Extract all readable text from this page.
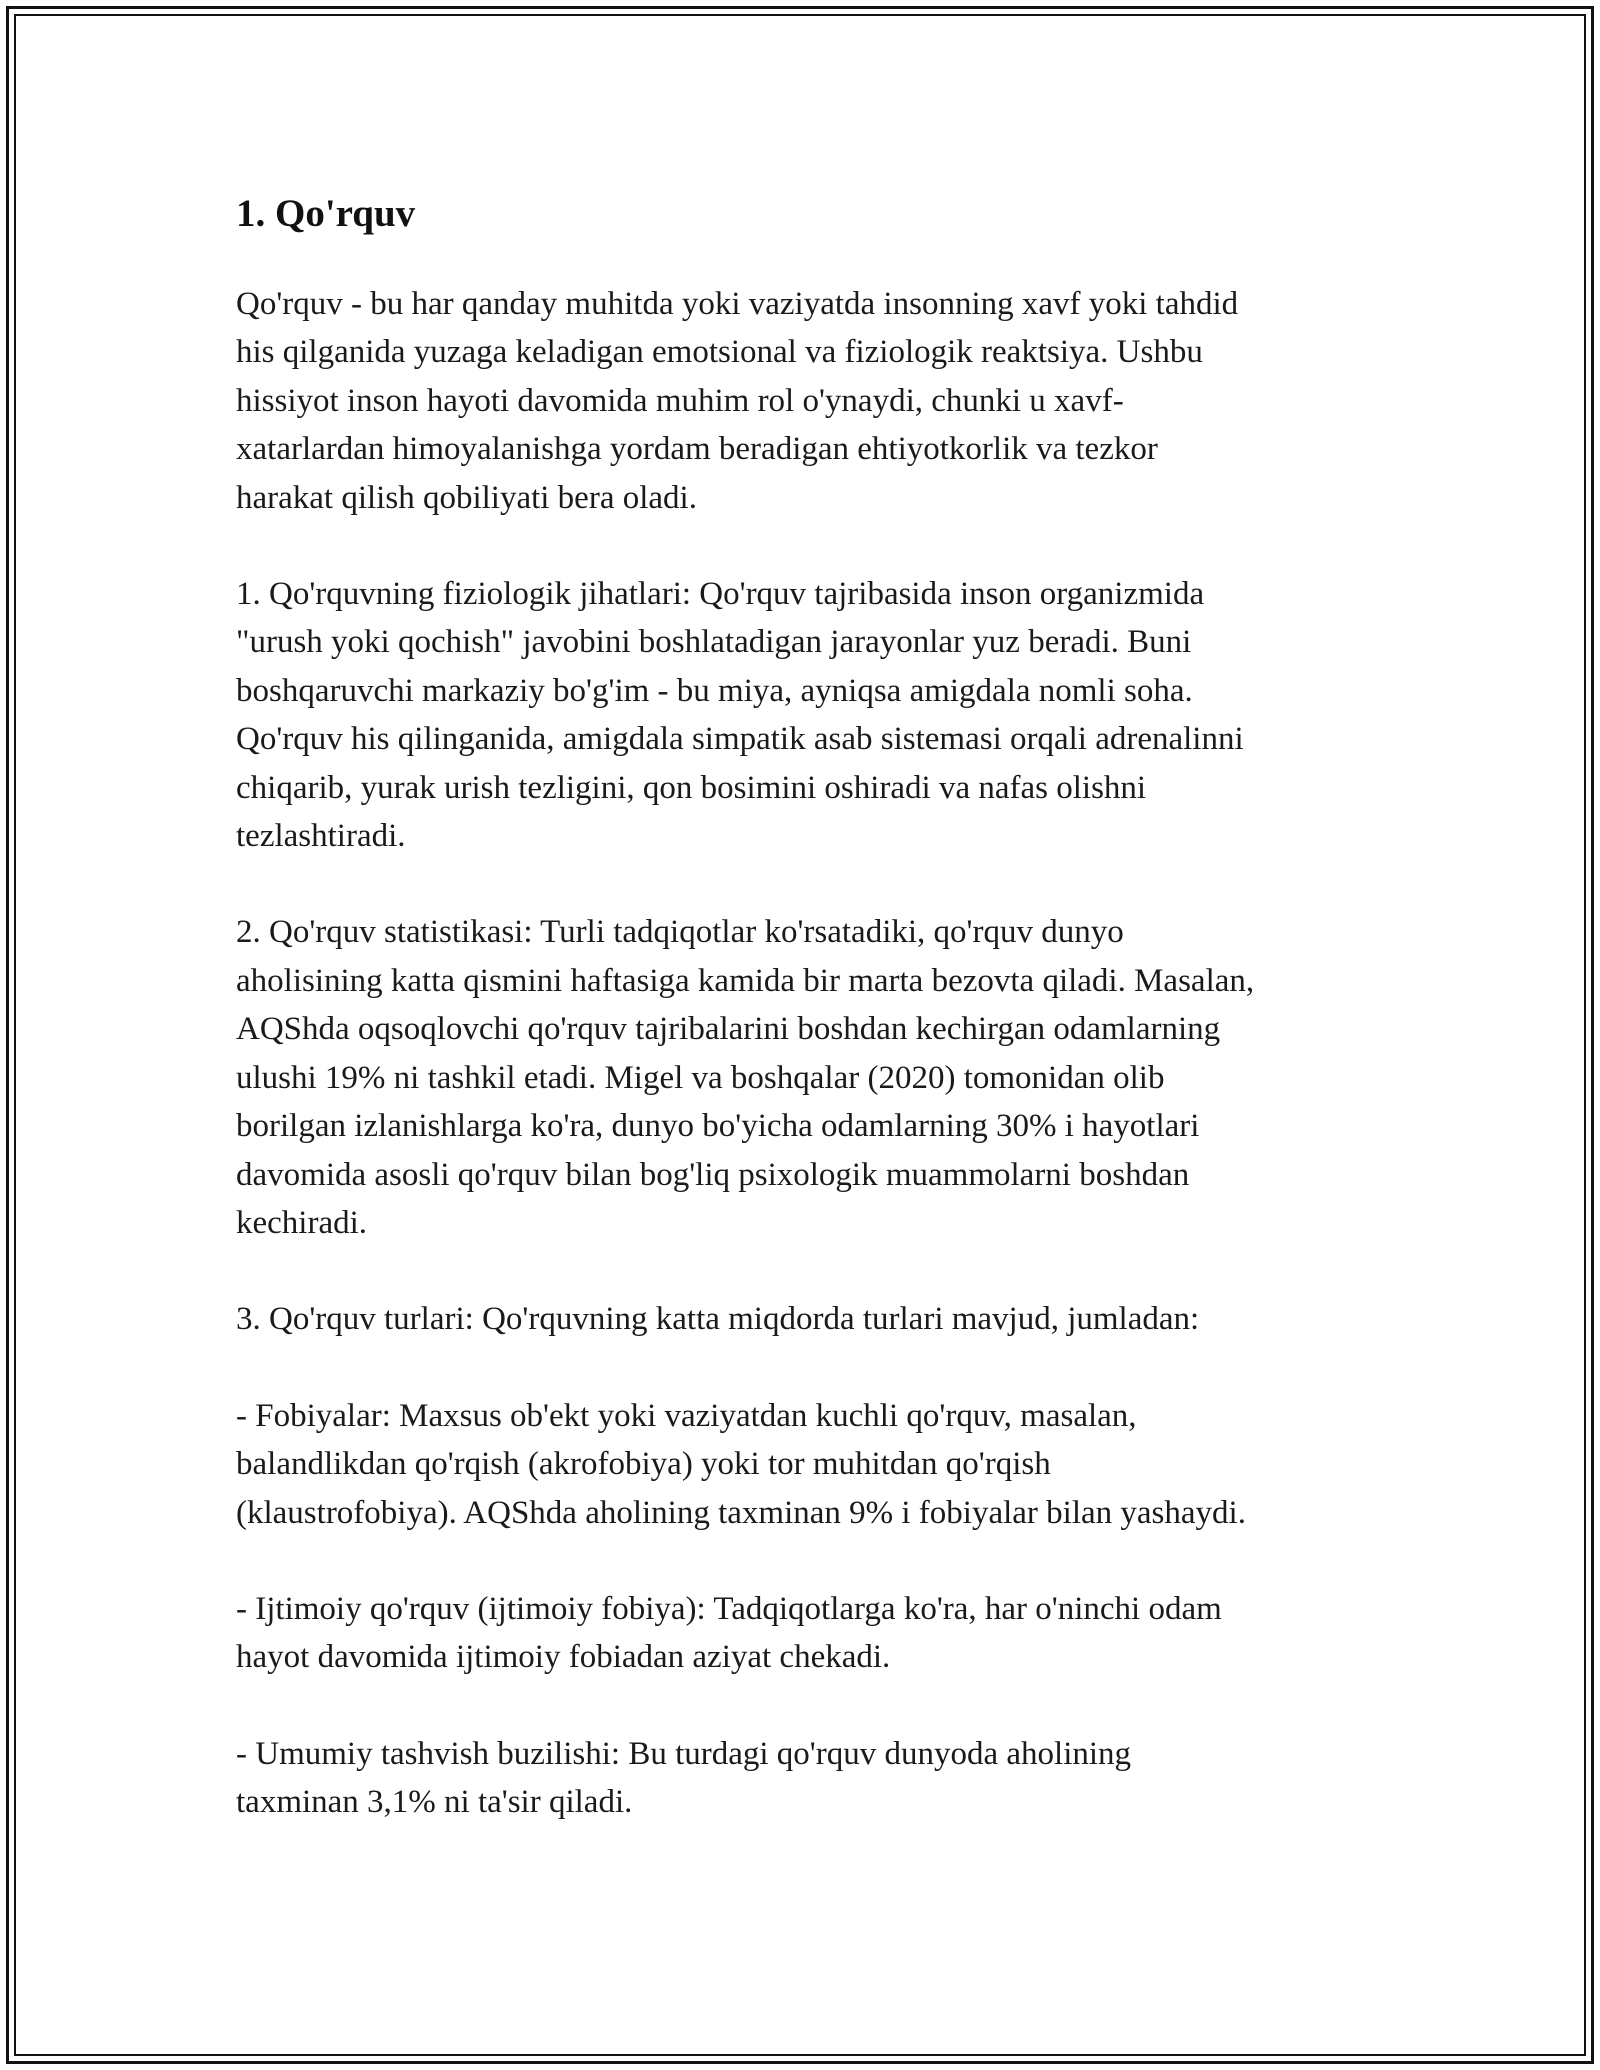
1. Qo'rquv

Qo'rquv - bu har qanday muhitda yoki vaziyatda insonning xavf yoki tahdid
his qilganida yuzaga keladigan emotsional va fiziologik reaktsiya. Ushbu
hissiyot inson hayoti davomida muhim rol o'ynaydi, chunki u xavf-
xatarlardan himoyalanishga yordam beradigan ehtiyotkorlik va tezkor
harakat qilish qobiliyati bera oladi.

1. Qo'rquvning fiziologik jihatlari: Qo'rquv tajribasida inson organizmida
"urush yoki qochish" javobini boshlatadigan jarayonlar yuz beradi. Buni
boshqaruvchi markaziy bo'g'im - bu miya, ayniqsa amigdala nomli soha.
Qo'rquv his qilinganida, amigdala simpatik asab sistemasi orqali adrenalinni
chiqarib, yurak urish tezligini, qon bosimini oshiradi va nafas olishni
tezlashtiradi.

2. Qo'rquv statistikasi: Turli tadqiqotlar ko'rsatadiki, qo'rquv dunyo
aholisining katta qismini haftasiga kamida bir marta bezovta qiladi. Masalan,
AQShda oqsoqlovchi qo'rquv tajribalarini boshdan kechirgan odamlarning
ulushi 19% ni tashkil etadi. Migel va boshqalar (2020) tomonidan olib
borilgan izlanishlarga ko'ra, dunyo bo'yicha odamlarning 30% i hayotlari
davomida asosli qo'rquv bilan bog'liq psixologik muammolarni boshdan
kechiradi.

3. Qo'rquv turlari: Qo'rquvning katta miqdorda turlari mavjud, jumladan:

- Fobiyalar: Maxsus ob'ekt yoki vaziyatdan kuchli qo'rquv, masalan,
balandlikdan qo'rqish (akrofobiya) yoki tor muhitdan qo'rqish
(klaustrofobiya). AQShda aholining taxminan 9% i fobiyalar bilan yashaydi.

- Ijtimoiy qo'rquv (ijtimoiy fobiya): Tadqiqotlarga ko'ra, har o'ninchi odam
hayot davomida ijtimoiy fobiadan aziyat chekadi.

- Umumiy tashvish buzilishi: Bu turdagi qo'rquv dunyoda aholining
taxminan 3,1% ni ta'sir qiladi.
